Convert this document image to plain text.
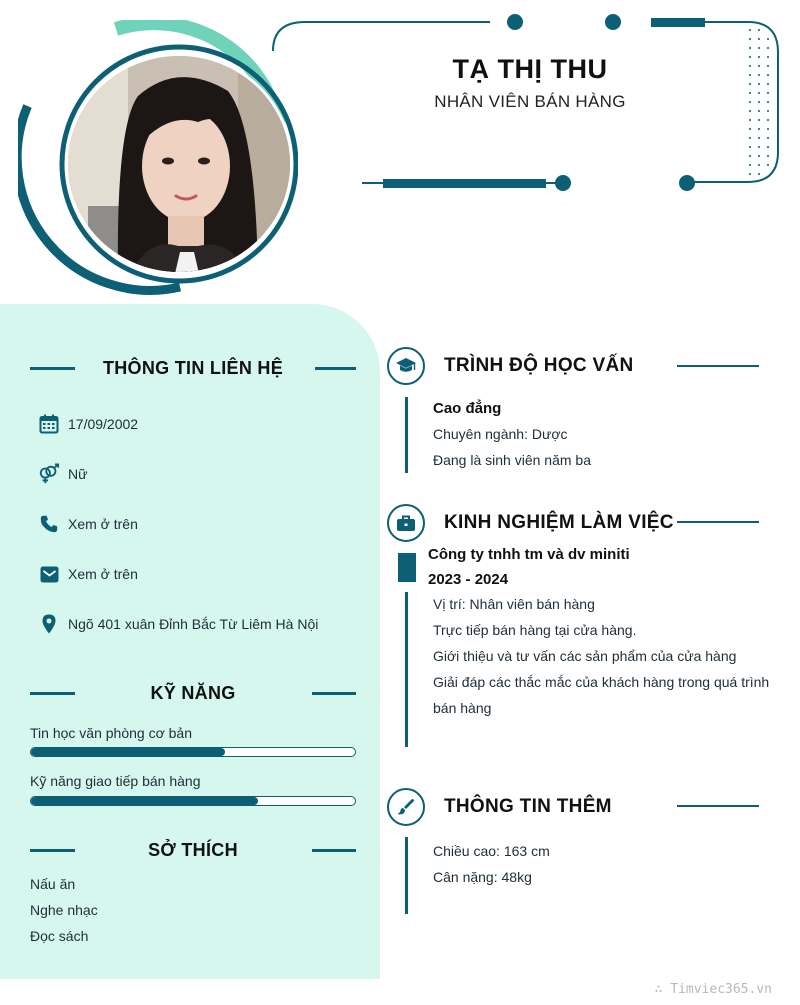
TẠ THỊ THU
NHÂN VIÊN BÁN HÀNG
THÔNG TIN LIÊN HỆ
17/09/2002
Nữ
Xem ở trên
Xem ở trên
Ngõ 401 xuân Đỉnh Bắc Từ Liêm Hà Nội
KỸ NĂNG
Tin học văn phòng cơ bản
Kỹ năng giao tiếp bán hàng
SỞ THÍCH
Nấu ăn
Nghe nhạc
Đọc sách
TRÌNH ĐỘ HỌC VẤN
Cao đẳng
Chuyên ngành: Dược
Đang là sinh viên năm ba
KINH NGHIỆM LÀM VIỆC
Công ty tnhh tm và dv miniti
2023 - 2024
Vị trí: Nhân viên bán hàng
Trực tiếp bán hàng tại cửa hàng.
Giới thiệu và tư vấn các sản phẩm của cửa hàng
Giải đáp các thắc mắc của khách hàng trong quá trình
bán hàng
THÔNG TIN THÊM
Chiều cao: 163 cm
Cân nặng: 48kg
∴ Timviec365.vn
